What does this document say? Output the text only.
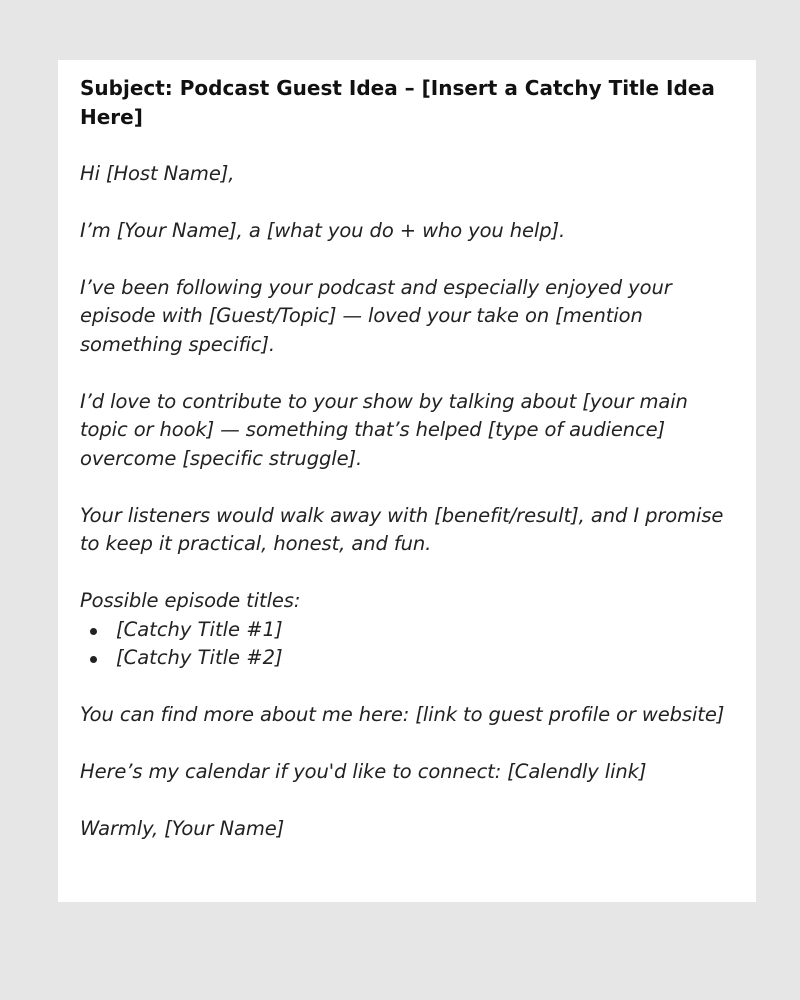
Subject: Podcast Guest Idea – [Insert a Catchy Title Idea Here]

Hi [Host Name],

I’m [Your Name], a [what you do + who you help].

I’ve been following your podcast and especially enjoyed your episode with [Guest/Topic] — loved your take on [mention something specific].

I’d love to contribute to your show by talking about [your main topic or hook] — something that’s helped [type of audience] overcome [specific struggle].

Your listeners would walk away with [benefit/result], and I promise to keep it practical, honest, and fun.

Possible episode titles:

[Catchy Title #1]
[Catchy Title #2]

You can find more about me here: [link to guest profile or website]

Here’s my calendar if you'd like to connect: [Calendly link]

Warmly, [Your Name]
